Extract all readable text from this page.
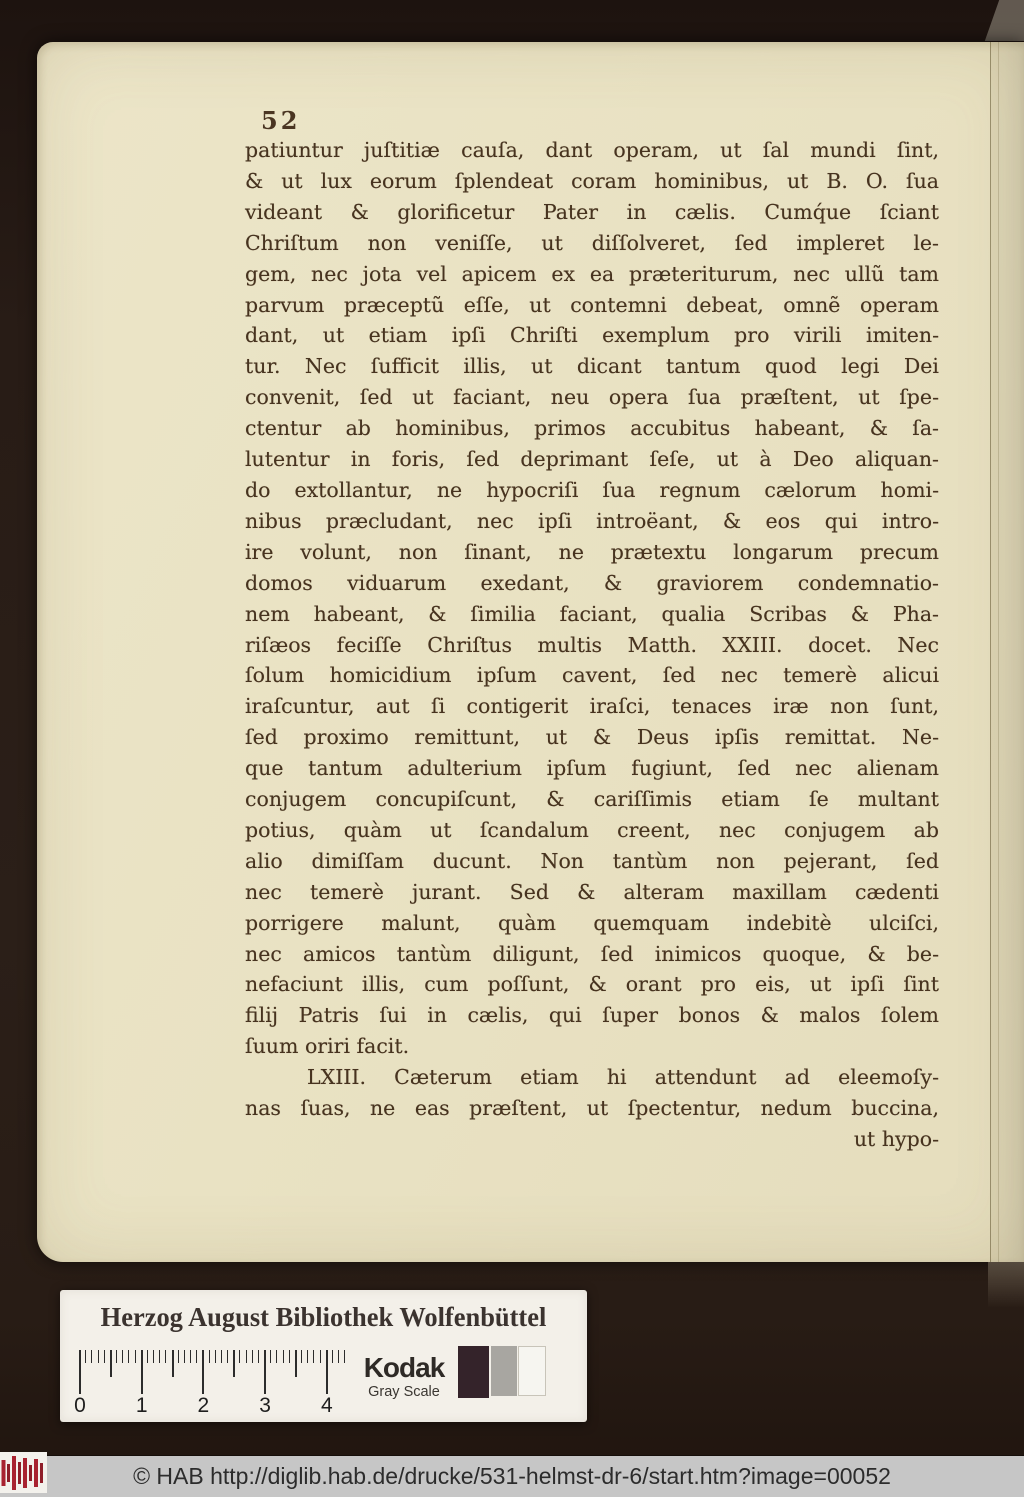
52
patiuntur juſtitiæ cauſa, dant operam, ut ſal mundi ſint,
& ut lux eorum ſplendeat coram hominibus, ut B. O. ſua
videant & glorificetur Pater in cælis. Cumq́ue ſciant
Chriſtum non veniſſe, ut diſſolveret, ſed impleret le-
gem, nec jota vel apicem ex ea præteriturum, nec ullũ tam
parvum præceptũ eſſe, ut contemni debeat, omnẽ operam
dant, ut etiam ipſi Chriſti exemplum pro virili imiten-
tur. Nec ſufficit illis, ut dicant tantum quod legi Dei
convenit, ſed ut faciant, neu opera ſua præſtent, ut ſpe-
ctentur ab hominibus, primos accubitus habeant, & ſa-
lutentur in foris, ſed deprimant ſeſe, ut à Deo aliquan-
do extollantur, ne hypocriſi ſua regnum cælorum homi-
nibus præcludant, nec ipſi introëant, & eos qui intro-
ire volunt, non ſinant, ne prætextu longarum precum
domos viduarum exedant, & graviorem condemnatio-
nem habeant, & ſimilia faciant, qualia Scribas & Pha-
riſæos feciſſe Chriſtus multis Matth. XXIII. docet. Nec
ſolum homicidium ipſum cavent, ſed nec temerè alicui
iraſcuntur, aut ſi contigerit iraſci, tenaces iræ non ſunt,
ſed proximo remittunt, ut & Deus ipſis remittat. Ne-
que tantum adulterium ipſum fugiunt, ſed nec alienam
conjugem concupiſcunt, & cariſſimis etiam ſe multant
potius, quàm ut ſcandalum creent, nec conjugem ab
alio dimiſſam ducunt. Non tantùm non pejerant, ſed
nec temerè jurant. Sed & alteram maxillam cædenti
porrigere malunt, quàm quemquam indebitè ulciſci,
nec amicos tantùm diligunt, ſed inimicos quoque, & be-
nefaciunt illis, cum poſſunt, & orant pro eis, ut ipſi ſint
filij Patris ſui in cælis, qui ſuper bonos & malos ſolem
ſuum oriri facit.
LXIII. Cæterum etiam hi attendunt ad eleemoſy-
nas ſuas, ne eas præſtent, ut ſpectentur, nedum buccina,
ut hypo-
Herzog August Bibliothek Wolfenbüttel
0 1 2 3 4
Kodak
Gray Scale
© HAB http://diglib.hab.de/drucke/531-helmst-dr-6/start.htm?image=00052
